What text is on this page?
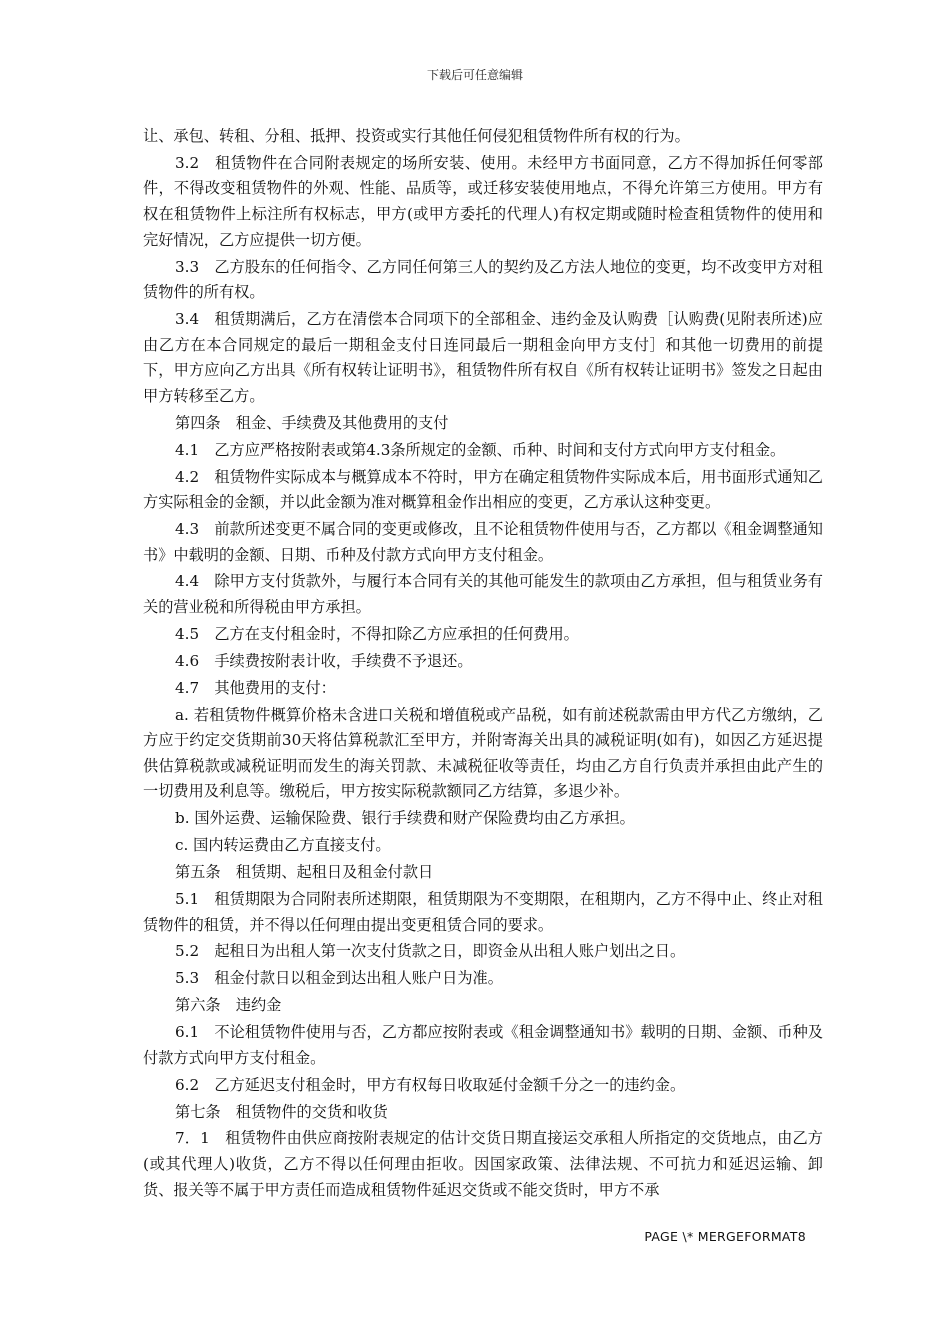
下载后可任意编辑

让、承包、转租、分租、抵押、投资或实行其他任何侵犯租赁物件所有权的行为。

3.2　租赁物件在合同附表规定的场所安装、使用。未经甲方书面同意，乙方不得加拆任何零部件，不得改变租赁物件的外观、性能、品质等，或迁移安装使用地点，不得允许第三方使用。甲方有权在租赁物件上标注所有权标志，甲方(或甲方委托的代理人)有权定期或随时检查租赁物件的使用和完好情况，乙方应提供一切方便。

3.3　乙方股东的任何指令、乙方同任何第三人的契约及乙方法人地位的变更，均不改变甲方对租赁物件的所有权。

3.4　租赁期满后，乙方在清偿本合同项下的全部租金、违约金及认购费［认购费(见附表所述)应由乙方在本合同规定的最后一期租金支付日连同最后一期租金向甲方支付］和其他一切费用的前提下，甲方应向乙方出具《所有权转让证明书》，租赁物件所有权自《所有权转让证明书》签发之日起由甲方转移至乙方。

第四条　租金、手续费及其他费用的支付

4.1　乙方应严格按附表或第4.3条所规定的金额、币种、时间和支付方式向甲方支付租金。

4.2　租赁物件实际成本与概算成本不符时，甲方在确定租赁物件实际成本后，用书面形式通知乙方实际租金的金额，并以此金额为准对概算租金作出相应的变更，乙方承认这种变更。

4.3　前款所述变更不属合同的变更或修改，且不论租赁物件使用与否，乙方都以《租金调整通知书》中载明的金额、日期、币种及付款方式向甲方支付租金。

4.4　除甲方支付货款外，与履行本合同有关的其他可能发生的款项由乙方承担，但与租赁业务有关的营业税和所得税由甲方承担。

4.5　乙方在支付租金时，不得扣除乙方应承担的任何费用。

4.6　手续费按附表计收，手续费不予退还。

4.7　其他费用的支付：

a. 若租赁物件概算价格未含进口关税和增值税或产品税，如有前述税款需由甲方代乙方缴纳，乙方应于约定交货期前30天将估算税款汇至甲方，并附寄海关出具的减税证明(如有)，如因乙方延迟提供估算税款或减税证明而发生的海关罚款、未减税征收等责任，均由乙方自行负责并承担由此产生的一切费用及利息等。缴税后，甲方按实际税款额同乙方结算，多退少补。

b. 国外运费、运输保险费、银行手续费和财产保险费均由乙方承担。

c. 国内转运费由乙方直接支付。

第五条　租赁期、起租日及租金付款日

5.1　租赁期限为合同附表所述期限，租赁期限为不变期限，在租期内，乙方不得中止、终止对租赁物件的租赁，并不得以任何理由提出变更租赁合同的要求。

5.2　起租日为出租人第一次支付货款之日，即资金从出租人账户划出之日。

5.3　租金付款日以租金到达出租人账户日为准。

第六条　违约金

6.1　不论租赁物件使用与否，乙方都应按附表或《租金调整通知书》载明的日期、金额、币种及付款方式向甲方支付租金。

6.2　乙方延迟支付租金时，甲方有权每日收取延付金额千分之一的违约金。

第七条　租赁物件的交货和收货

7．1　租赁物件由供应商按附表规定的估计交货日期直接运交承租人所指定的交货地点，由乙方(或其代理人)收货，乙方不得以任何理由拒收。因国家政策、法律法规、不可抗力和延迟运输、卸货、报关等不属于甲方责任而造成租赁物件延迟交货或不能交货时，甲方不承

PAGE \* MERGEFORMAT8
